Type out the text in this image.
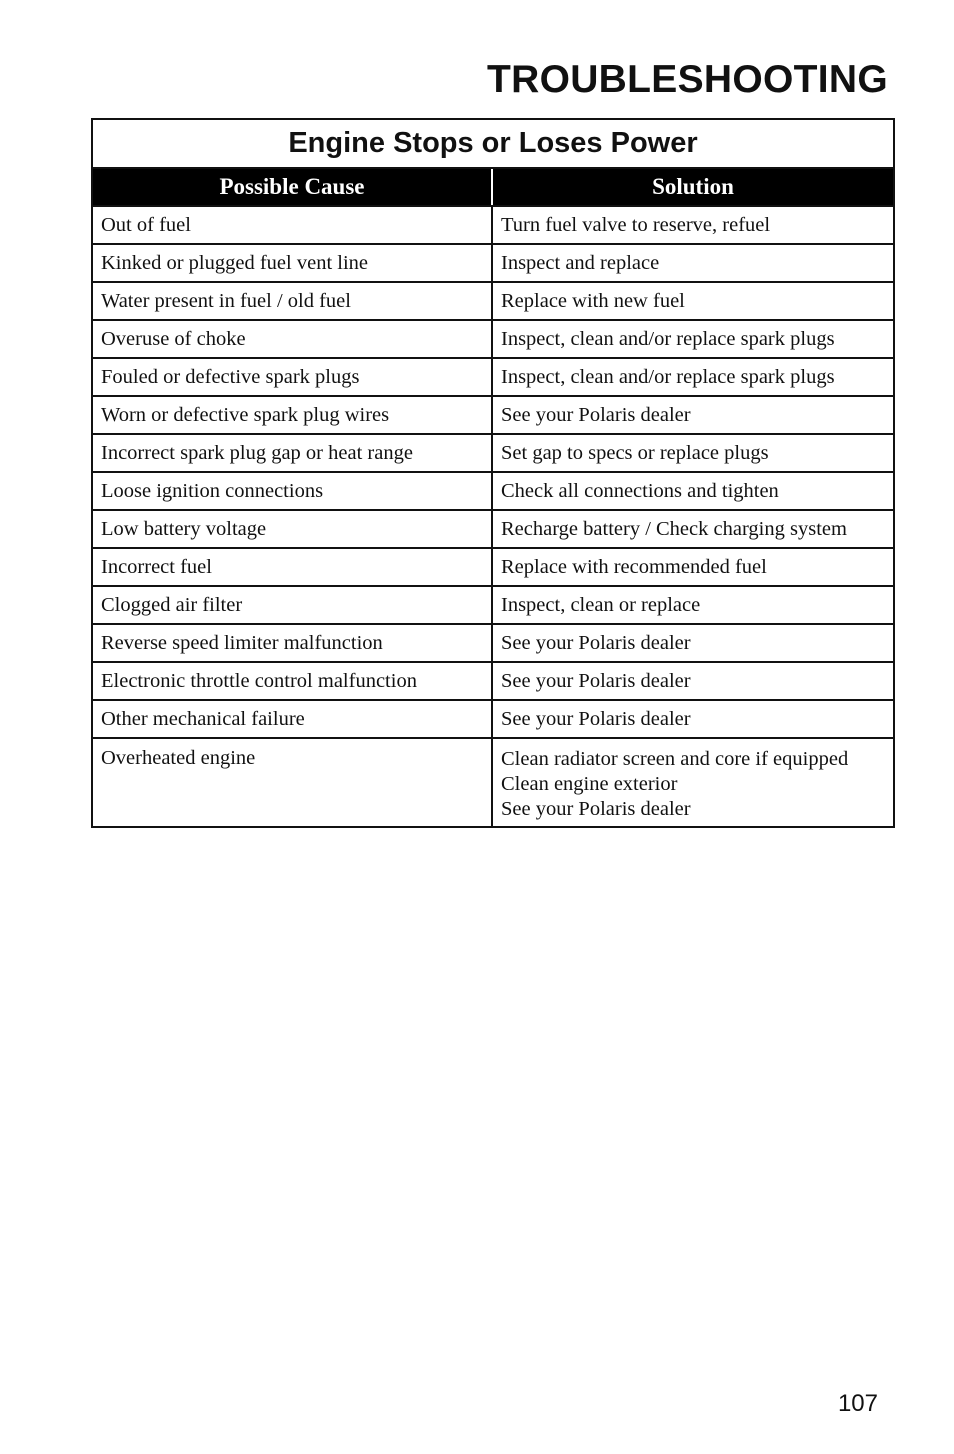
TROUBLESHOOTING
Engine Stops or Loses Power	
Possible Cause	Solution
Out of fuel	Turn fuel valve to reserve, refuel
Kinked or plugged fuel vent line	Inspect and replace
Water present in fuel / old fuel	Replace with new fuel
Overuse of choke	Inspect, clean and/or replace spark plugs
Fouled or defective spark plugs	Inspect, clean and/or replace spark plugs
Worn or defective spark plug wires	See your Polaris dealer
Incorrect spark plug gap or heat range	Set gap to specs or replace plugs
Loose ignition connections	Check all connections and tighten
Low battery voltage	Recharge battery / Check charging system
Incorrect fuel	Replace with recommended fuel
Clogged air filter	Inspect, clean or replace
Reverse speed limiter malfunction	See your Polaris dealer
Electronic throttle control malfunction	See your Polaris dealer
Other mechanical failure	See your Polaris dealer
Overheated engine	Clean radiator screen and core if equipped
Clean engine exterior
See your Polaris dealer
107
